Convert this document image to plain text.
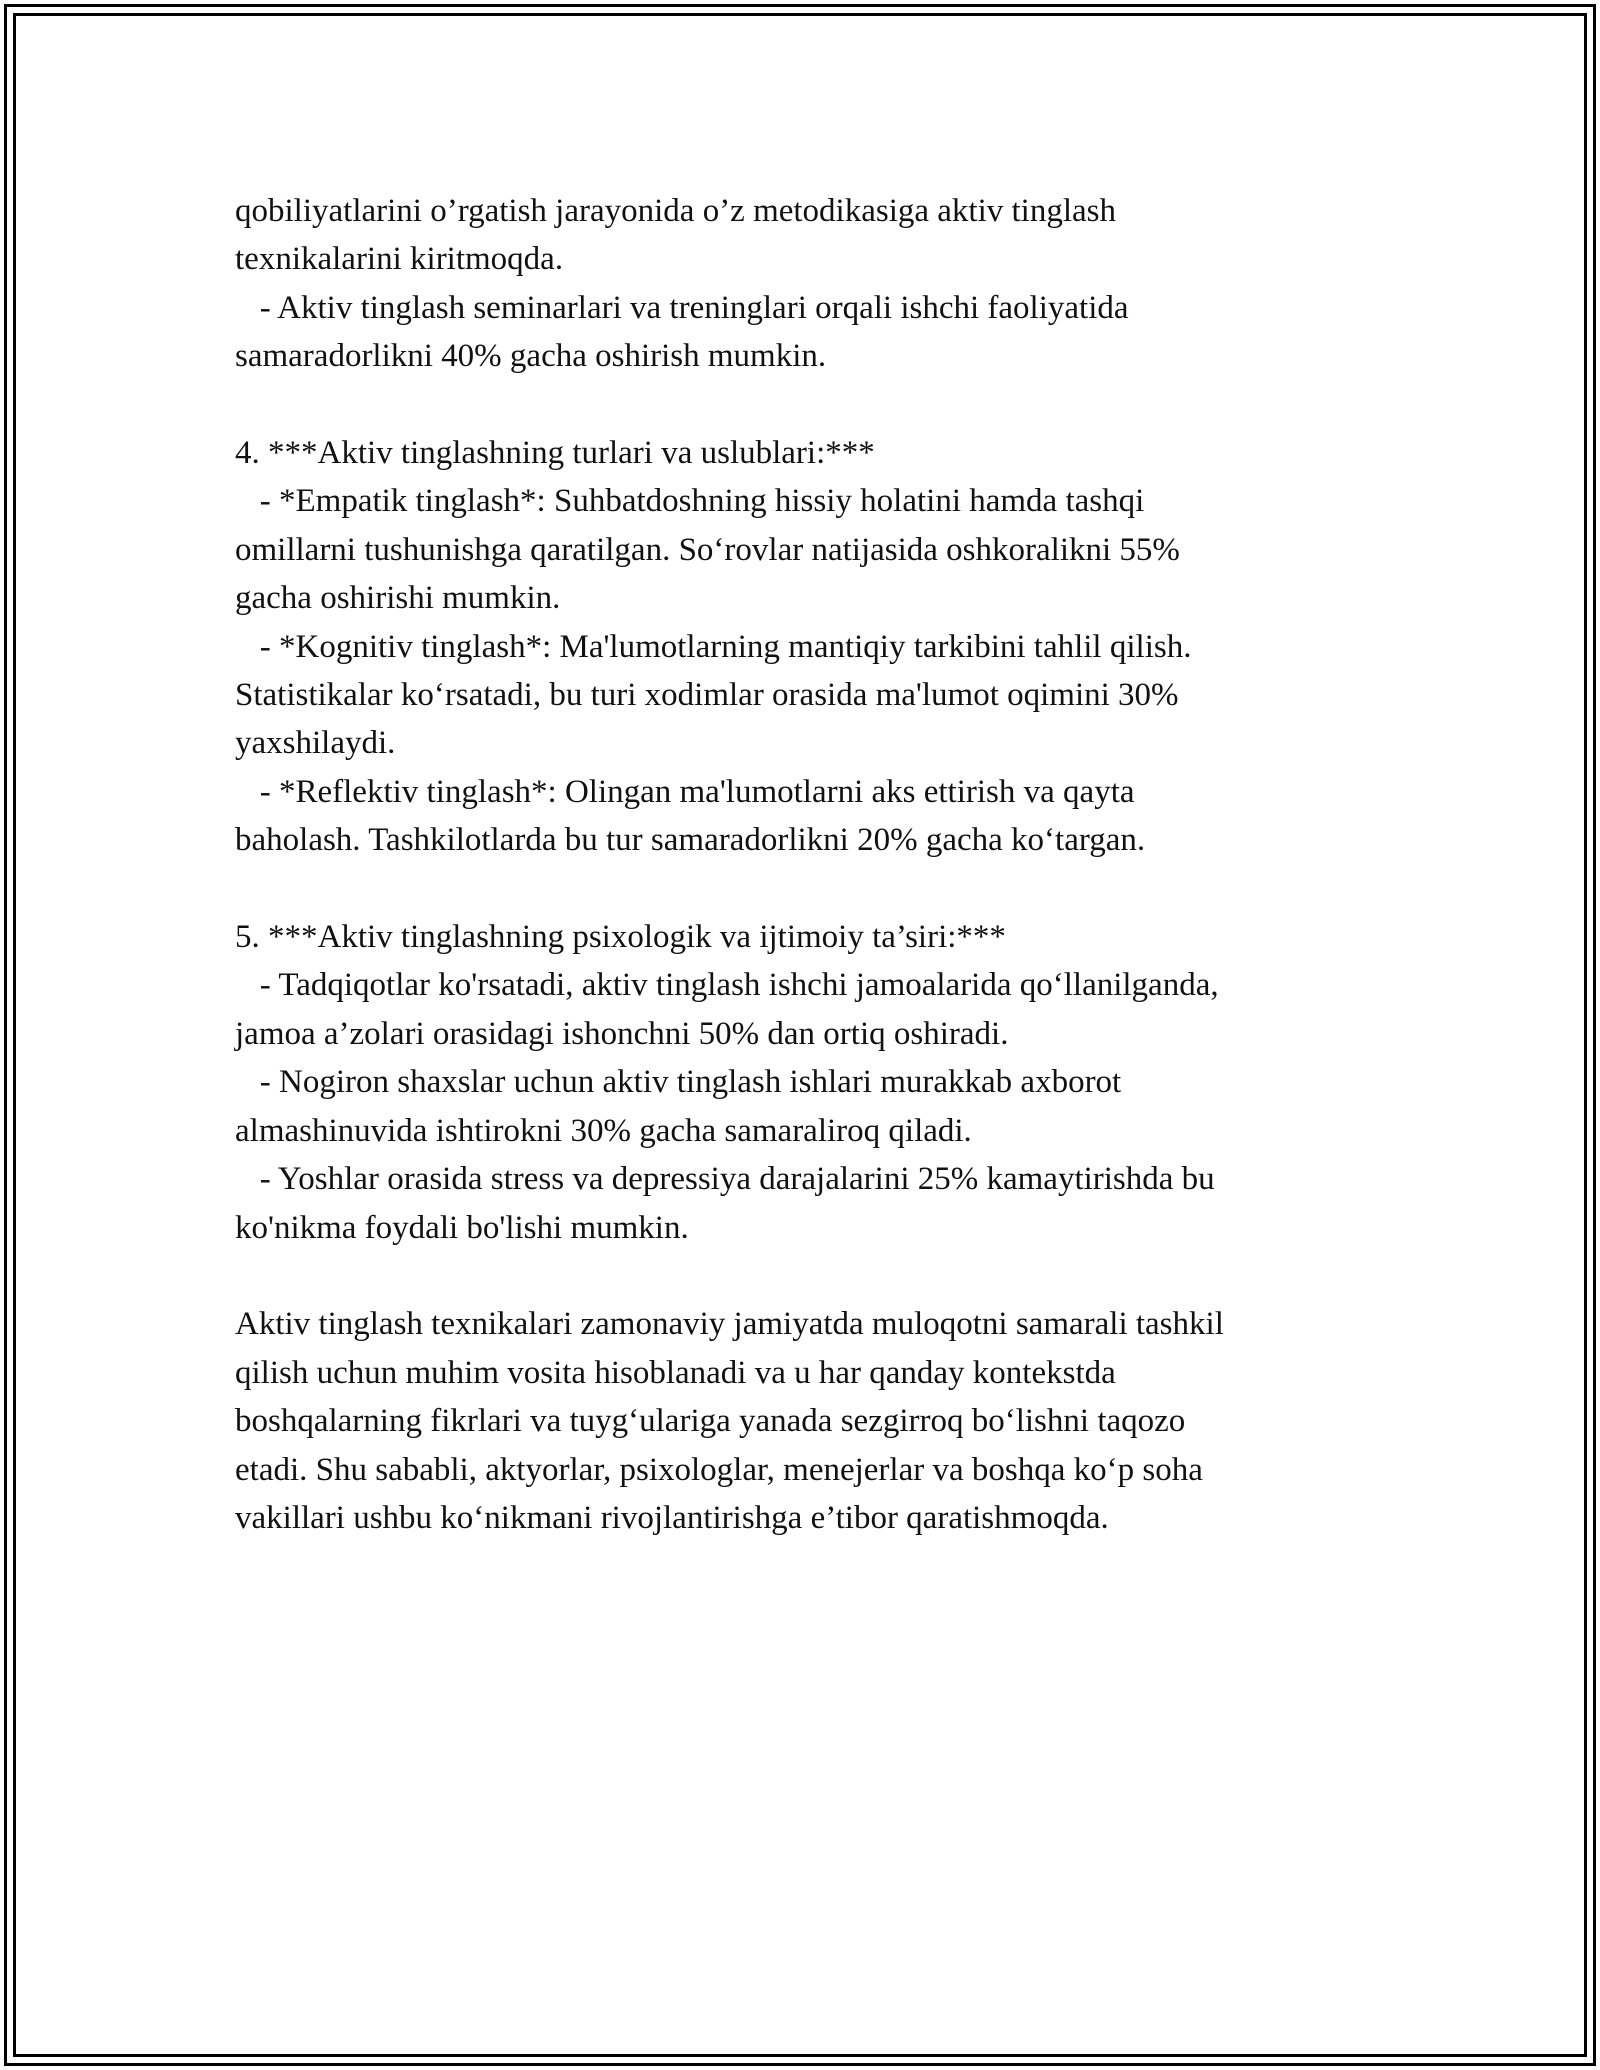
qobiliyatlarini o’rgatish jarayonida o’z metodikasiga aktiv tinglash

texnikalarini kiritmoqda.

- Aktiv tinglash seminarlari va treninglari orqali ishchi faoliyatida

samaradorlikni 40% gacha oshirish mumkin.

4. ***Aktiv tinglashning turlari va uslublari:***

- *Empatik tinglash*: Suhbatdoshning hissiy holatini hamda tashqi

omillarni tushunishga qaratilgan. So‘rovlar natijasida oshkoralikni 55%

gacha oshirishi mumkin.

- *Kognitiv tinglash*: Ma'lumotlarning mantiqiy tarkibini tahlil qilish.

Statistikalar ko‘rsatadi, bu turi xodimlar orasida ma'lumot oqimini 30%

yaxshilaydi.

- *Reflektiv tinglash*: Olingan ma'lumotlarni aks ettirish va qayta

baholash. Tashkilotlarda bu tur samaradorlikni 20% gacha ko‘targan.

5. ***Aktiv tinglashning psixologik va ijtimoiy ta’siri:***

- Tadqiqotlar ko'rsatadi, aktiv tinglash ishchi jamoalarida qo‘llanilganda,

jamoa a’zolari orasidagi ishonchni 50% dan ortiq oshiradi.

- Nogiron shaxslar uchun aktiv tinglash ishlari murakkab axborot

almashinuvida ishtirokni 30% gacha samaraliroq qiladi.

- Yoshlar orasida stress va depressiya darajalarini 25% kamaytirishda bu

ko'nikma foydali bo'lishi mumkin.

Aktiv tinglash texnikalari zamonaviy jamiyatda muloqotni samarali tashkil

qilish uchun muhim vosita hisoblanadi va u har qanday kontekstda

boshqalarning fikrlari va tuyg‘ulariga yanada sezgirroq bo‘lishni taqozo

etadi. Shu sababli, aktyorlar, psixologlar, menejerlar va boshqa ko‘p soha

vakillari ushbu ko‘nikmani rivojlantirishga e’tibor qaratishmoqda.
